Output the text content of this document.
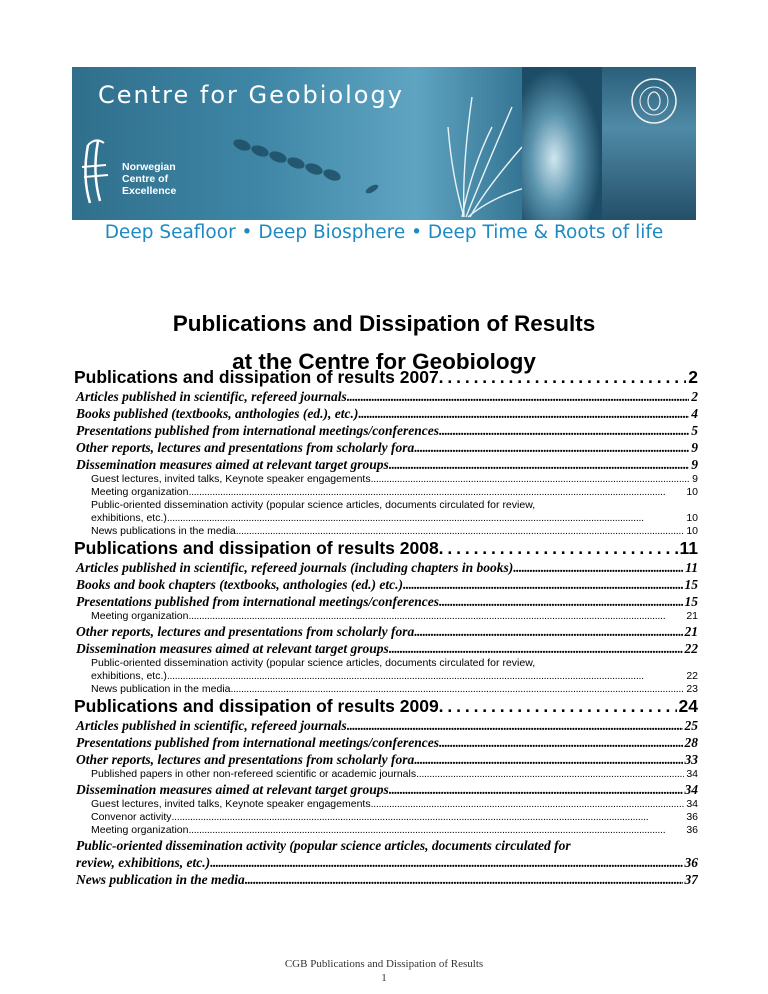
Centre for Geobiology
Norwegian
Centre of
Excellence
Deep Seafloor • Deep Biosphere • Deep Time & Roots of life
Publications and Dissipation of Results
at the Centre for Geobiology
Publications and dissipation of results 2007 . . .	2
Articles published in scientific, refereed journals . . .	2
Books published (textbooks, anthologies (ed.), etc.) . . .	4
Presentations published from international meetings/conferences . . .	5
Other reports, lectures and presentations from scholarly fora . . .	9
Dissemination measures aimed at relevant target groups . . .	9
Guest lectures, invited talks, Keynote speaker engagements . . .	9
Meeting organization . . .	10
Public-oriented dissemination activity (popular science articles, documents circulated for review,
exhibitions, etc.) . . .	10
News publications in the media . . .	10
Publications and dissipation of results 2008 . . .	11
Articles published in scientific, refereed journals (including chapters in books) . . .	11
Books and book chapters (textbooks, anthologies (ed.) etc.) . . .	15
Presentations published from international meetings/conferences . . .	15
Meeting organization . . .	21
Other reports, lectures and presentations from scholarly fora . . .	21
Dissemination measures aimed at relevant target groups . . .	22
Public-oriented dissemination activity (popular science articles, documents circulated for review,
exhibitions, etc.) . . .	22
News publication in the media . . .	23
Publications and dissipation of results 2009 . . .	24
Articles published in scientific, refereed journals . . .	25
Presentations published from international meetings/conferences . . .	28
Other reports, lectures and presentations from scholarly fora . . .	33
Published papers in other non-refereed scientific or academic journals . . .	34
Dissemination measures aimed at relevant target groups . . .	34
Guest lectures, invited talks, Keynote speaker engagements . . .	34
Convenor activity . . .	36
Meeting organization . . .	36
Public-oriented dissemination activity (popular science articles, documents circulated for
review, exhibitions, etc.) . . .	36
News publication in the media . . .	37
CGB Publications and Dissipation of Results
1
